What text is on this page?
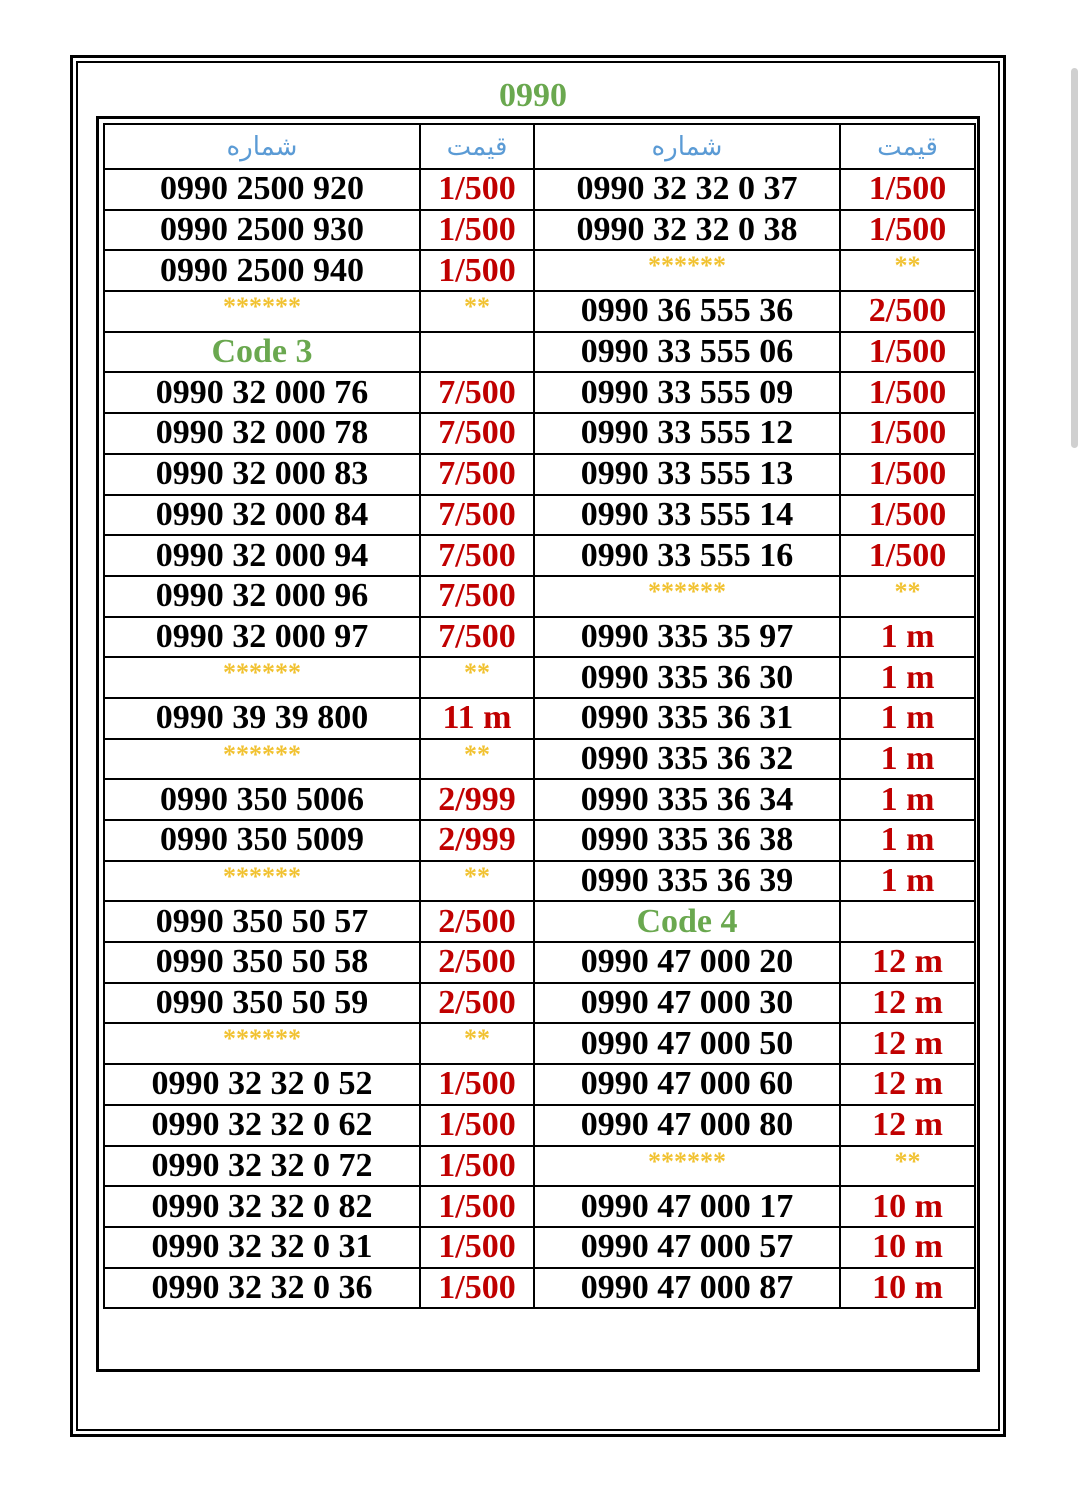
0990
شماره	قیمت	شماره	قیمت
0990 2500 920	1/500	0990 32 32 0 37	1/500
0990 2500 930	1/500	0990 32 32 0 38	1/500
0990 2500 940	1/500	******	**
******	**	0990 36 555 36	2/500
Code 3		0990 33 555 06	1/500
0990 32 000 76	7/500	0990 33 555 09	1/500
0990 32 000 78	7/500	0990 33 555 12	1/500
0990 32 000 83	7/500	0990 33 555 13	1/500
0990 32 000 84	7/500	0990 33 555 14	1/500
0990 32 000 94	7/500	0990 33 555 16	1/500
0990 32 000 96	7/500	******	**
0990 32 000 97	7/500	0990 335 35 97	1 m
******	**	0990 335 36 30	1 m
0990 39 39 800	11 m	0990 335 36 31	1 m
******	**	0990 335 36 32	1 m
0990 350 5006	2/999	0990 335 36 34	1 m
0990 350 5009	2/999	0990 335 36 38	1 m
******	**	0990 335 36 39	1 m
0990 350 50 57	2/500	Code 4	
0990 350 50 58	2/500	0990 47 000 20	12 m
0990 350 50 59	2/500	0990 47 000 30	12 m
******	**	0990 47 000 50	12 m
0990 32 32 0 52	1/500	0990 47 000 60	12 m
0990 32 32 0 62	1/500	0990 47 000 80	12 m
0990 32 32 0 72	1/500	******	**
0990 32 32 0 82	1/500	0990 47 000 17	10 m
0990 32 32 0 31	1/500	0990 47 000 57	10 m
0990 32 32 0 36	1/500	0990 47 000 87	10 m
